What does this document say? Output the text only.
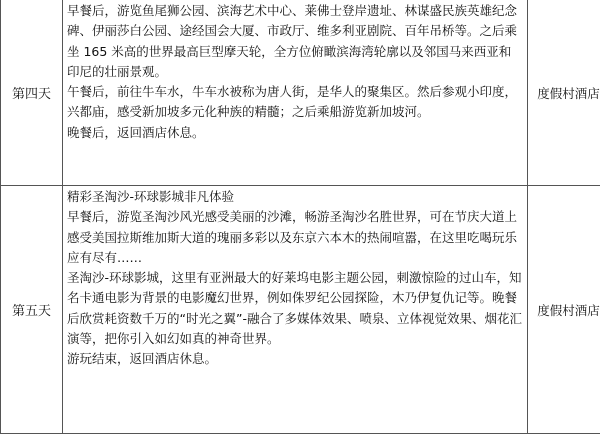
第四天	早餐后，游览鱼尾狮公园、滨海艺术中心、莱佛士登岸遗址、林谋盛民族英雄纪念碑、伊丽莎白公园、途经国会大厦、市政厅、维多利亚剧院、百年吊桥等。之后乘坐 165 米高的世界最高巨型摩天轮，全方位俯瞰滨海湾轮廓以及邻国马来西亚和印尼的壮丽景观。
午餐后，前往牛车水，牛车水被称为唐人街，是华人的聚集区。然后参观小印度，兴都庙，感受新加坡多元化种族的精髓；之后乘船游览新加坡河。
晚餐后，返回酒店休息。	度假村酒店
第五天	精彩圣淘沙-环球影城非凡体验
早餐后，游览圣淘沙风光感受美丽的沙滩，畅游圣淘沙名胜世界，可在节庆大道上感受美国拉斯维加斯大道的瑰丽多彩以及东京六本木的热闹喧嚣，在这里吃喝玩乐应有尽有……
圣淘沙-环球影城，这里有亚洲最大的好莱坞电影主题公园，刺激惊险的过山车，知名卡通电影为背景的电影魔幻世界，例如侏罗纪公园探险，木乃伊复仇记等。晚餐后欣赏耗资数千万的“时光之翼”-融合了多媒体效果、喷泉、立体视觉效果、烟花汇演等，把你引入如幻如真的神奇世界。
游玩结束，返回酒店休息。	度假村酒店
